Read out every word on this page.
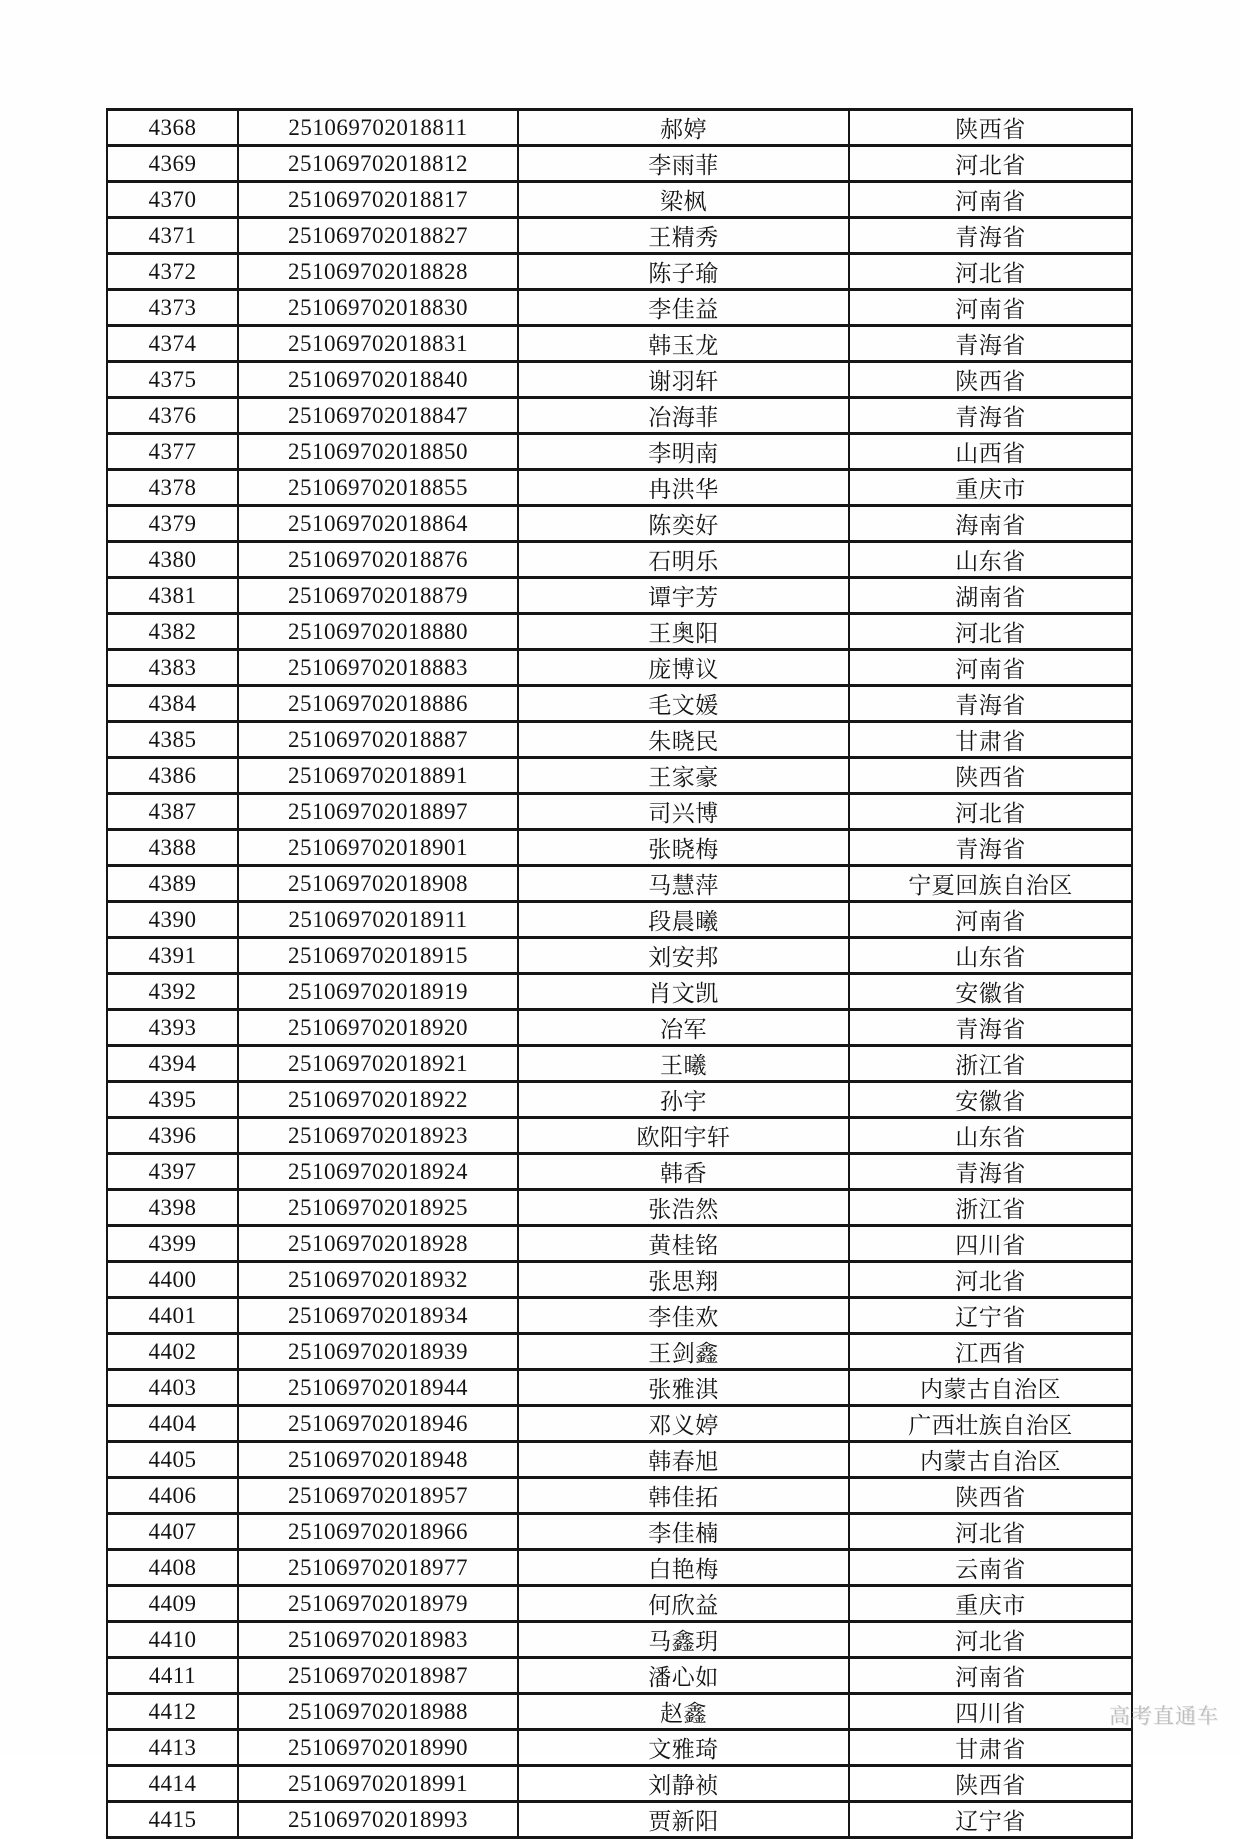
4368	251069702018811	郝婷	陕西省
4369	251069702018812	李雨菲	河北省
4370	251069702018817	梁枫	河南省
4371	251069702018827	王精秀	青海省
4372	251069702018828	陈子瑜	河北省
4373	251069702018830	李佳益	河南省
4374	251069702018831	韩玉龙	青海省
4375	251069702018840	谢羽轩	陕西省
4376	251069702018847	冶海菲	青海省
4377	251069702018850	李明南	山西省
4378	251069702018855	冉洪华	重庆市
4379	251069702018864	陈奕好	海南省
4380	251069702018876	石明乐	山东省
4381	251069702018879	谭宇芳	湖南省
4382	251069702018880	王奥阳	河北省
4383	251069702018883	庞博议	河南省
4384	251069702018886	毛文媛	青海省
4385	251069702018887	朱晓民	甘肃省
4386	251069702018891	王家豪	陕西省
4387	251069702018897	司兴博	河北省
4388	251069702018901	张晓梅	青海省
4389	251069702018908	马慧萍	宁夏回族自治区
4390	251069702018911	段晨曦	河南省
4391	251069702018915	刘安邦	山东省
4392	251069702018919	肖文凯	安徽省
4393	251069702018920	冶军	青海省
4394	251069702018921	王曦	浙江省
4395	251069702018922	孙宇	安徽省
4396	251069702018923	欧阳宇轩	山东省
4397	251069702018924	韩香	青海省
4398	251069702018925	张浩然	浙江省
4399	251069702018928	黄桂铭	四川省
4400	251069702018932	张思翔	河北省
4401	251069702018934	李佳欢	辽宁省
4402	251069702018939	王剑鑫	江西省
4403	251069702018944	张雅淇	内蒙古自治区
4404	251069702018946	邓义婷	广西壮族自治区
4405	251069702018948	韩春旭	内蒙古自治区
4406	251069702018957	韩佳拓	陕西省
4407	251069702018966	李佳楠	河北省
4408	251069702018977	白艳梅	云南省
4409	251069702018979	何欣益	重庆市
4410	251069702018983	马鑫玥	河北省
4411	251069702018987	潘心如	河南省
4412	251069702018988	赵鑫	四川省
4413	251069702018990	文雅琦	甘肃省
4414	251069702018991	刘静祯	陕西省
4415	251069702018993	贾新阳	辽宁省
高考直通车
